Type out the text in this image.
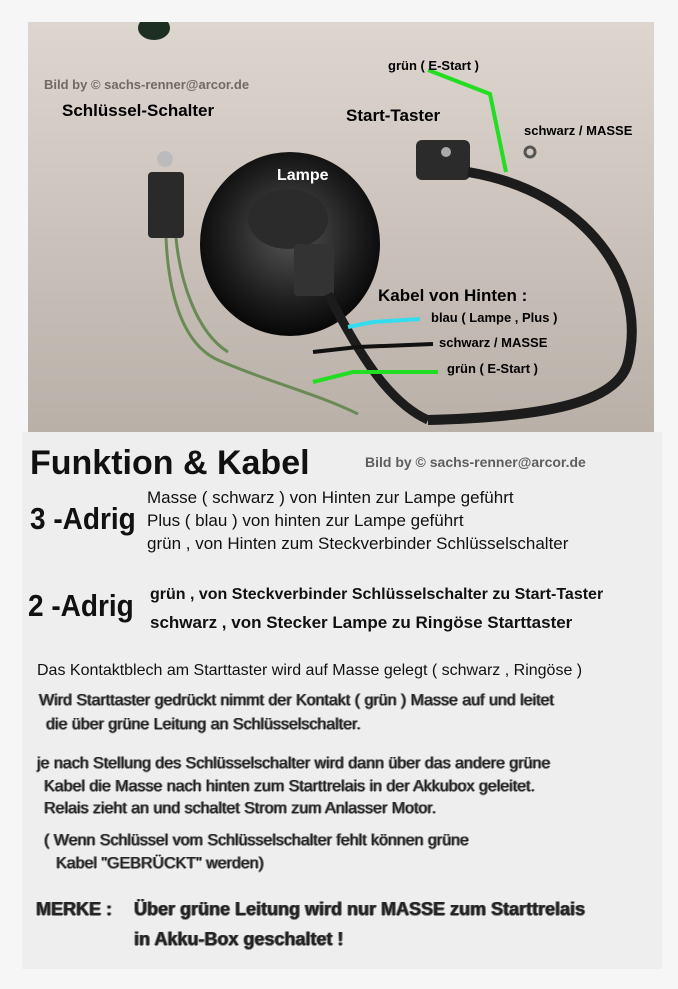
Bild by © sachs-renner@arcor.de
Schlüssel-Schalter	Start-Taster
grün ( E-Start )
schwarz / MASSE
Lampe
Kabel von Hinten :
blau ( Lampe , Plus )
schwarz / MASSE
grün ( E-Start )
Funktion & Kabel	Bild by © sachs-renner@arcor.de
3 -Adrig
Masse ( schwarz ) von Hinten zur Lampe geführt
Plus ( blau ) von hinten zur Lampe geführt
grün , von Hinten zum Steckverbinder Schlüsselschalter
2 -Adrig grün , von Steckverbinder Schlüsselschalter zu Start-Taster
schwarz , von Stecker Lampe zu Ringöse Starttaster
Das Kontaktblech am Starttaster wird auf Masse gelegt ( schwarz , Ringöse )
Wird Starttaster gedrückt nimmt der Kontakt ( grün ) Masse auf und leitet
die über grüne Leitung an Schlüsselschalter.
je nach Stellung des Schlüsselschalter wird dann über das andere grüne
Kabel die Masse nach hinten zum Starttrelais in der Akkubox geleitet.
Relais zieht an und schaltet Strom zum Anlasser Motor.
( Wenn Schlüssel vom Schlüsselschalter fehlt können grüne
Kabel "GEBRÜCKT" werden)
MERKE : Über grüne Leitung wird nur MASSE zum Starttrelais
in Akku-Box geschaltet !
